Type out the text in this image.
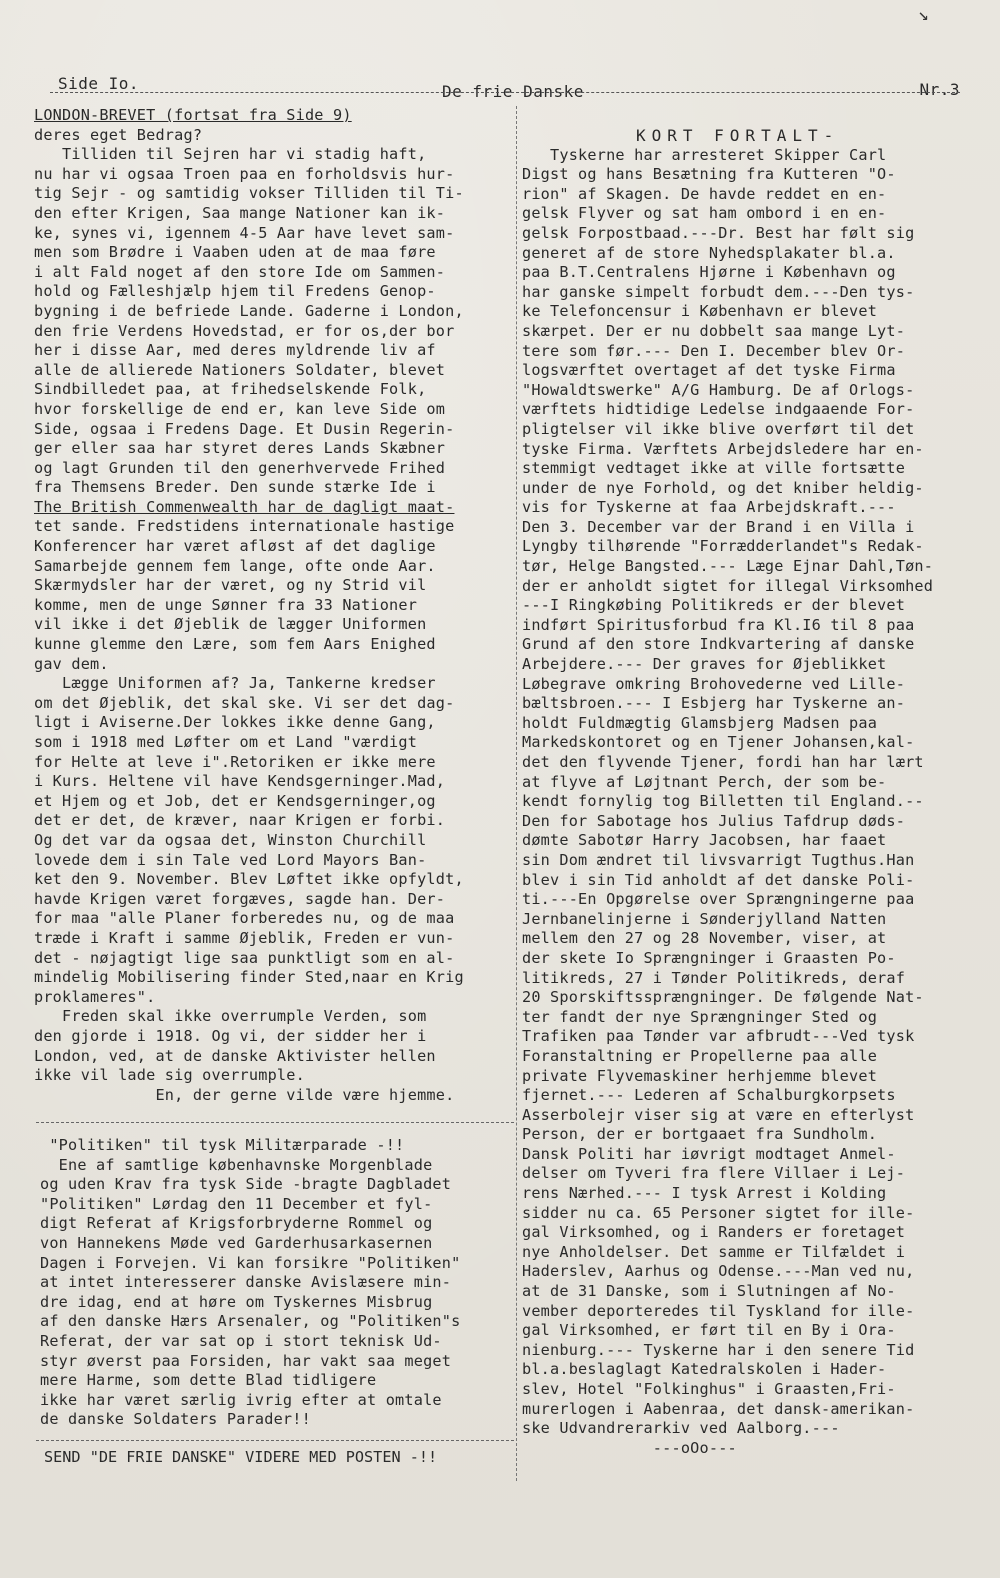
Side Io.	De frie Danske	Nr.3

LONDON-BREVET (fortsat fra Side 9)

deres eget Bedrag?

Tilliden til Sejren har vi stadig haft,

nu har vi ogsaa Troen paa en forholdsvis hur-

tig Sejr - og samtidig vokser Tilliden til Ti-

den efter Krigen, Saa mange Nationer kan ik-

ke, synes vi, igennem 4-5 Aar have levet sam-

men som Brødre i Vaaben uden at de maa føre

i alt Fald noget af den store Ide om Sammen-

hold og Fælleshjælp hjem til Fredens Genop-

bygning i de befriede Lande. Gaderne i London,

den frie Verdens Hovedstad, er for os,der bor

her i disse Aar, med deres myldrende liv af

alle de allierede Nationers Soldater, blevet

Sindbilledet paa, at frihedselskende Folk,

hvor forskellige de end er, kan leve Side om

Side, ogsaa i Fredens Dage. Et Dusin Regerin-

ger eller saa har styret deres Lands Skæbner

og lagt Grunden til den generhvervede Frihed

fra Themsens Breder. Den sunde stærke Ide i

The British Commenwealth har de dagligt maat-

tet sande. Fredstidens internationale hastige

Konferencer har været afløst af det daglige

Samarbejde gennem fem lange, ofte onde Aar.

Skærmydsler har der været, og ny Strid vil

komme, men de unge Sønner fra 33 Nationer

vil ikke i det Øjeblik de lægger Uniformen

kunne glemme den Lære, som fem Aars Enighed

gav dem.

Lægge Uniformen af? Ja, Tankerne kredser

om det Øjeblik, det skal ske. Vi ser det dag-

ligt i Aviserne.Der lokkes ikke denne Gang,

som i 1918 med Løfter om et Land "værdigt

for Helte at leve i".Retoriken er ikke mere

i Kurs. Heltene vil have Kendsgerninger.Mad,

et Hjem og et Job, det er Kendsgerninger,og

det er det, de kræver, naar Krigen er forbi.

Og det var da ogsaa det, Winston Churchill

lovede dem i sin Tale ved Lord Mayors Ban-

ket den 9. November. Blev Løftet ikke opfyldt,

havde Krigen været forgæves, sagde han. Der-

for maa "alle Planer forberedes nu, og de maa

træde i Kraft i samme Øjeblik, Freden er vun-

det - nøjagtigt lige saa punktligt som en al-

mindelig Mobilisering finder Sted,naar en Krig

proklameres".

Freden skal ikke overrumple Verden, som

den gjorde i 1918. Og vi, der sidder her i

London, ved, at de danske Aktivister hellen

ikke vil lade sig overrumple.

En, der gerne vilde være hjemme.

"Politiken" til tysk Militærparade -!!

Ene af samtlige københavnske Morgenblade

og uden Krav fra tysk Side -bragte Dagbladet

"Politiken" Lørdag den 11 December et fyl-

digt Referat af Krigsforbryderne Rommel og

von Hannekens Møde ved Garderhusarkasernen

Dagen i Forvejen. Vi kan forsikre "Politiken"

at intet interesserer danske Avislæsere min-

dre idag, end at høre om Tyskernes Misbrug

af den danske Hærs Arsenaler, og "Politiken"s

Referat, der var sat op i stort teknisk Ud-

styr øverst paa Forsiden, har vakt saa meget

mere Harme, som dette Blad tidligere

ikke har været særlig ivrig efter at omtale

de danske Soldaters Parader!!

SEND "DE FRIE DANSKE" VIDERE MED POSTEN -!!
KORT FORTALT-

Tyskerne har arresteret Skipper Carl

Digst og hans Besætning fra Kutteren "O-

rion" af Skagen. De havde reddet en en-

gelsk Flyver og sat ham ombord i en en-

gelsk Forpostbaad.---Dr. Best har følt sig

generet af de store Nyhedsplakater bl.a.

paa B.T.Centralens Hjørne i København og

har ganske simpelt forbudt dem.---Den tys-

ke Telefoncensur i København er blevet

skærpet. Der er nu dobbelt saa mange Lyt-

tere som før.--- Den I. December blev Or-

logsværftet overtaget af det tyske Firma

"Howaldtswerke" A/G Hamburg. De af Orlogs-

værftets hidtidige Ledelse indgaaende For-

pligtelser vil ikke blive overført til det

tyske Firma. Værftets Arbejdsledere har en-

stemmigt vedtaget ikke at ville fortsætte

under de nye Forhold, og det kniber heldig-

vis for Tyskerne at faa Arbejdskraft.---

Den 3. December var der Brand i en Villa i

Lyngby tilhørende "Forrædderlandet"s Redak-

tør, Helge Bangsted.--- Læge Ejnar Dahl,Tøn-

der er anholdt sigtet for illegal Virksomhed

---I Ringkøbing Politikreds er der blevet

indført Spiritusforbud fra Kl.I6 til 8 paa

Grund af den store Indkvartering af danske

Arbejdere.--- Der graves for Øjeblikket

Løbegrave omkring Brohovederne ved Lille-

bæltsbroen.--- I Esbjerg har Tyskerne an-

holdt Fuldmægtig Glamsbjerg Madsen paa

Markedskontoret og en Tjener Johansen,kal-

det den flyvende Tjener, fordi han har lært

at flyve af Løjtnant Perch, der som be-

kendt fornylig tog Billetten til England.--

Den for Sabotage hos Julius Tafdrup døds-

dømte Sabotør Harry Jacobsen, har faaet

sin Dom ændret til livsvarrigt Tugthus.Han

blev i sin Tid anholdt af det danske Poli-

ti.---En Opgørelse over Sprængningerne paa

Jernbanelinjerne i Sønderjylland Natten

mellem den 27 og 28 November, viser, at

der skete Io Sprængninger i Graasten Po-

litikreds, 27 i Tønder Politikreds, deraf

20 Sporskiftssprængninger. De følgende Nat-

ter fandt der nye Sprængninger Sted og

Trafiken paa Tønder var afbrudt---Ved tysk

Foranstaltning er Propellerne paa alle

private Flyvemaskiner herhjemme blevet

fjernet.--- Lederen af Schalburgkorpsets

Asserbolejr viser sig at være en efterlyst

Person, der er bortgaaet fra Sundholm.

Dansk Politi har iøvrigt modtaget Anmel-

delser om Tyveri fra flere Villaer i Lej-

rens Nærhed.--- I tysk Arrest i Kolding

sidder nu ca. 65 Personer sigtet for ille-

gal Virksomhed, og i Randers er foretaget

nye Anholdelser. Det samme er Tilfældet i

Haderslev, Aarhus og Odense.---Man ved nu,

at de 31 Danske, som i Slutningen af No-

vember deporteredes til Tyskland for ille-

gal Virksomhed, er ført til en By i Ora-

nienburg.--- Tyskerne har i den senere Tid

bl.a.beslaglagt Katedralskolen i Hader-

slev, Hotel "Folkinghus" i Graasten,Fri-

murerlogen i Aabenraa, det dansk-amerikan-

ske Udvandrerarkiv ved Aalborg.---

---oOo---

↘
